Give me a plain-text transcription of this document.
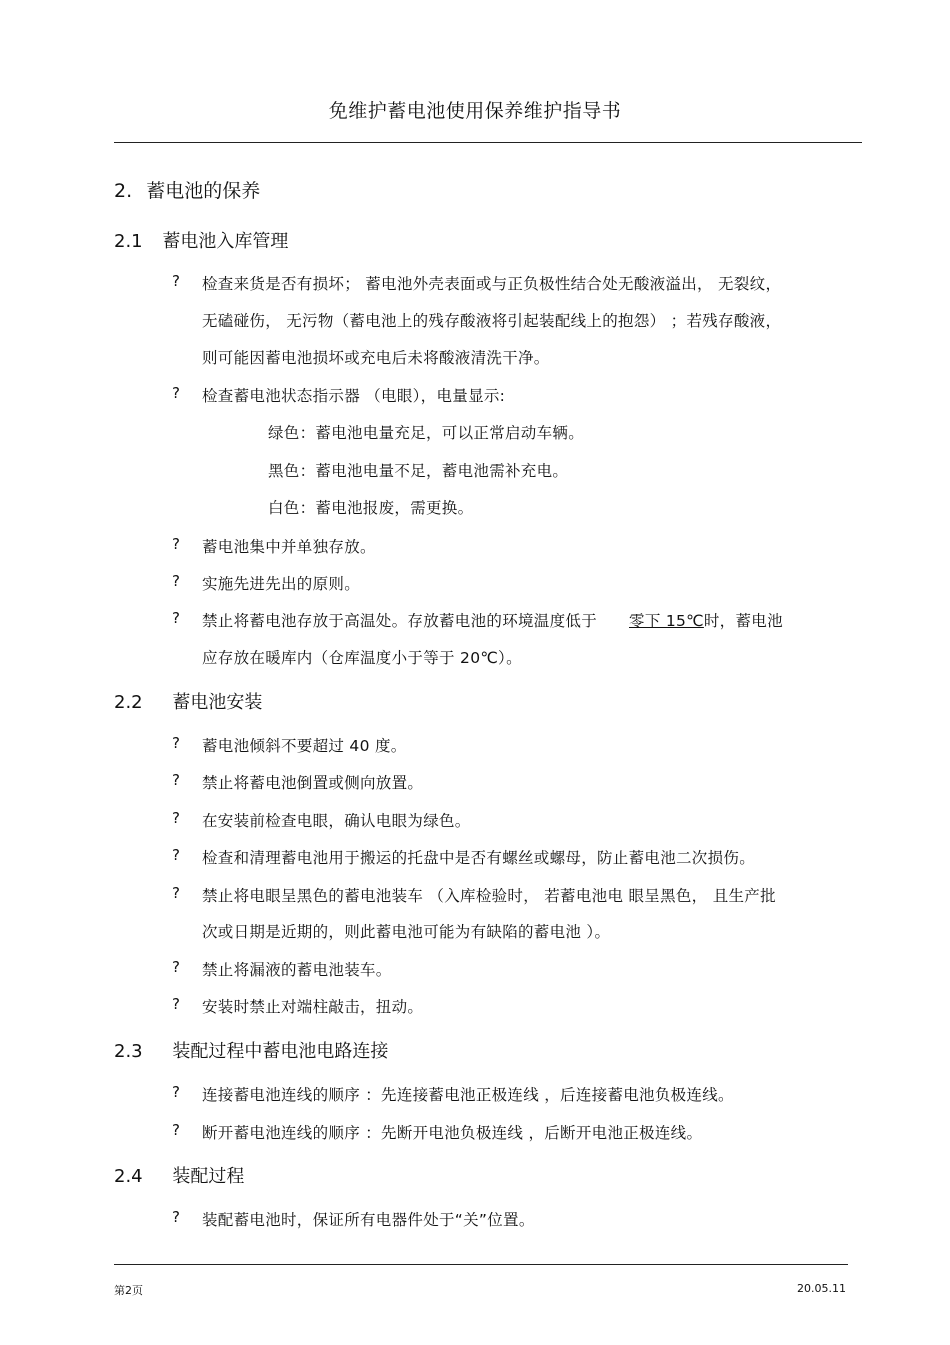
免维护蓄电池使用保养维护指导书
2. 蓄电池的保养
2.1 蓄电池入库管理
? 检查来货是否有损坏； 蓄电池外壳表面或与正负极性结合处无酸液溢出， 无裂纹，
无磕碰伤， 无污物（蓄电池上的残存酸液将引起装配线上的抱怨） ；若残存酸液，
则可能因蓄电池损坏或充电后未将酸液清洗干净。
? 检查蓄电池状态指示器 （电眼），电量显示:
绿色：蓄电池电量充足，可以正常启动车辆。
黑色：蓄电池电量不足，蓄电池需补充电。
白色：蓄电池报废，需更换。
? 蓄电池集中并单独存放。
? 实施先进先出的原则。
? 禁止将蓄电池存放于高温处。存放蓄电池的环境温度低于 零下 15℃时，蓄电池
应存放在暖库内（仓库温度小于等于 20℃）。
2.2 蓄电池安装
? 蓄电池倾斜不要超过 40 度。
? 禁止将蓄电池倒置或侧向放置。
? 在安装前检查电眼，确认电眼为绿色。
? 检查和清理蓄电池用于搬运的托盘中是否有螺丝或螺母，防止蓄电池二次损伤。
? 禁止将电眼呈黑色的蓄电池装车 （入库检验时， 若蓄电池电 眼呈黑色， 且生产批
次或日期是近期的，则此蓄电池可能为有缺陷的蓄电池 ）。
? 禁止将漏液的蓄电池装车。
? 安装时禁止对端柱敲击，扭动。
2.3 装配过程中蓄电池电路连接
? 连接蓄电池连线的顺序 ：先连接蓄电池正极连线 ，后连接蓄电池负极连线。
? 断开蓄电池连线的顺序 ：先断开电池负极连线 ，后断开电池正极连线。
2.4 装配过程
? 装配蓄电池时，保证所有电器件处于“关”位置。
第2页	20.05.11
